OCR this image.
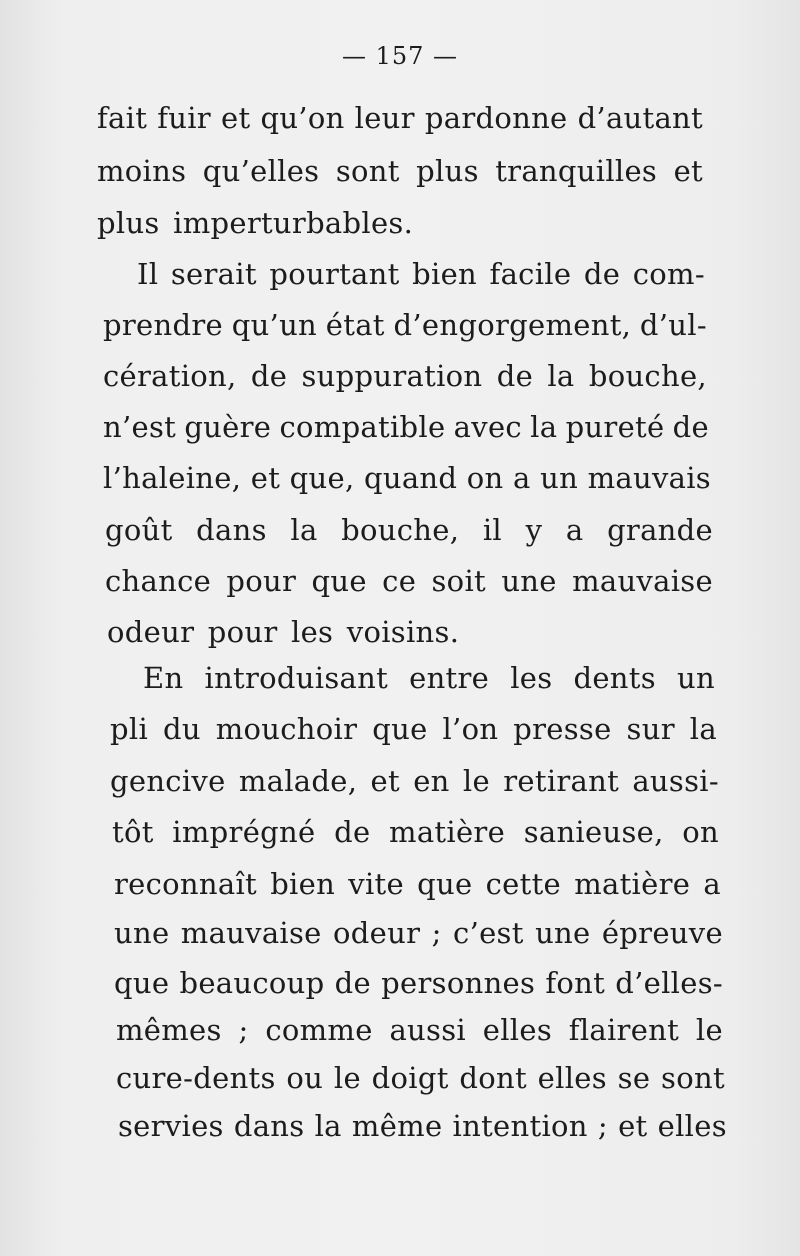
— 157 —
fait fuir et qu’on leur pardonne d’autant
moins qu’elles sont plus tranquilles et
plus imperturbables.
Il serait pourtant bien facile de com-
prendre qu’un état d’engorgement, d’ul-
cération, de suppuration de la bouche,
n’est guère compatible avec la pureté de
l’haleine, et que, quand on a un mauvais
goût dans la bouche, il y a grande
chance pour que ce soit une mauvaise
odeur pour les voisins.
En introduisant entre les dents un
pli du mouchoir que l’on presse sur la
gencive malade, et en le retirant aussi-
tôt imprégné de matière sanieuse, on
reconnaît bien vite que cette matière a
une mauvaise odeur ; c’est une épreuve
que beaucoup de personnes font d’elles-
mêmes ; comme aussi elles flairent le
cure-dents ou le doigt dont elles se sont
servies dans la même intention ; et elles
